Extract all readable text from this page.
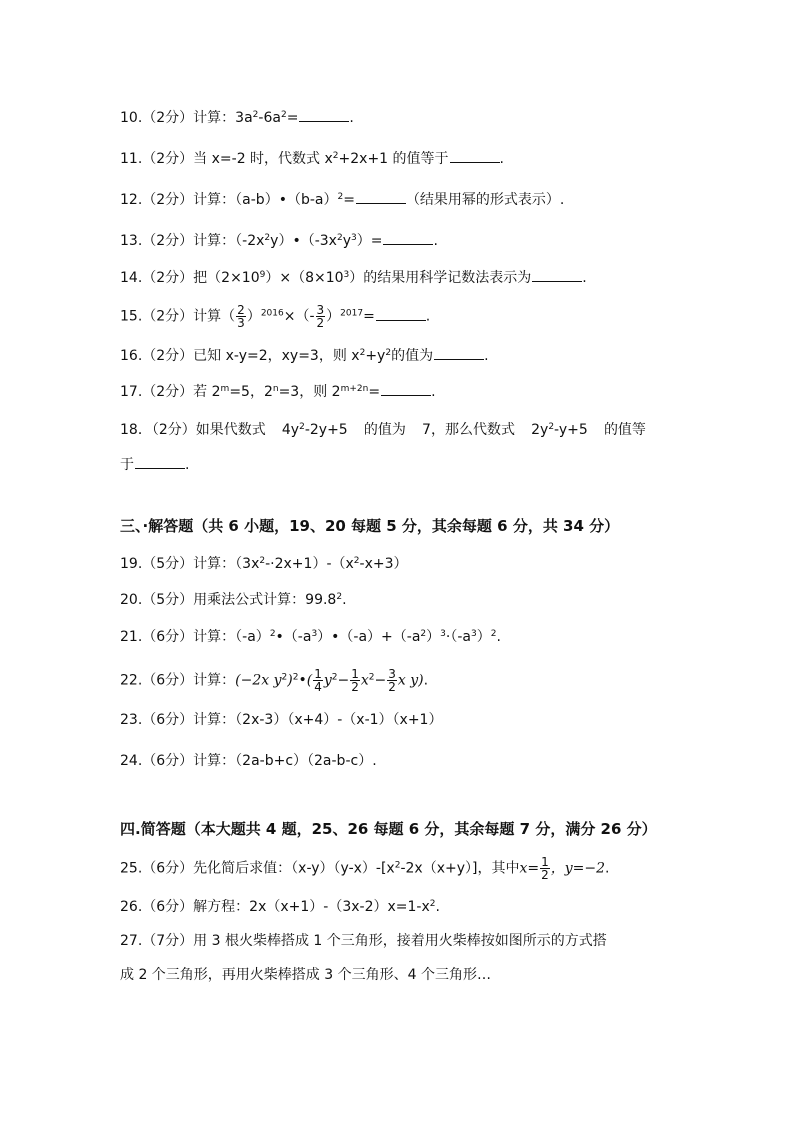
10.（2分）计算：$3a^2-6a^2=$	.
11.（2分）当 x=-2 时，代数式 $x^2+2x+1$ 的值等于	.
12.（2分）计算：$(a-b)•(b-a)^2=$	（结果用幂的形式表示）.
13.（2分）计算：$(-2x^2y)•(-3x^2y^3)=$	.
14.（2分）把$(2\times 10^9)\times(8\times 10^3)$的结果用科学记数法表示为	.
15.（2分）计算（ $\frac{2}{3} )^{2016}\times(- \frac{3}{2} )^{2017}=$	.
16.（2分）已知 x-y=2，xy=3，则 $x^2+y^2$的值为	.
17.（2分）若 $2^m=5$，$2^n=3$，则 $2^{m+2n}=$	.
18．（2分）如果代数式 $4y^2-2y+5$ 的值为 7，那么代数式 $2y^2-y+5$ 的值等
于	.
三、·解答题（共 6 小题，19、20 每题 5 分，其余每题 6 分，共 34 分）
19.（5分）计算：$(3x^2-\cdot 2x+1)-(x^2-x+3)$
20.（5分）用乘法公式计算：99.8$^2$.
21.（6分）计算：$(-a)^2•(-a^3)•(-a)+(-a^2)^3\cdot(-a^3)^2$.
22.（6分）计算：(−2x $y^2)^2•( \frac{1}{4} y^2- \frac{1}{2} x^2- \frac{3}{2}$ x y).
23.（6分）计算：（2x-3）（x+4）-（x-1）（x+1）
24.（6分）计算：（2a-b+c）（2a-b-c）.
四.简答题（本大题共 4 题，25、26 每题 6 分，其余每题 7 分，满分 26 分）
25.（6分）先化简后求值：$(x-y)(y-x)-[x^2-2x(x+y)]$，其中$x= \frac{1}{2}$ ，y=−2.
26.（6分）解方程：$2x(x+1)-(3x-2)x=1-x^2$.
27.（7分）用 3 根火柴棒搭成 1 个三角形，接着用火柴棒按如图所示的方式搭
成 2 个三角形，再用火柴棒搭成 3 个三角形、4 个三角形…
